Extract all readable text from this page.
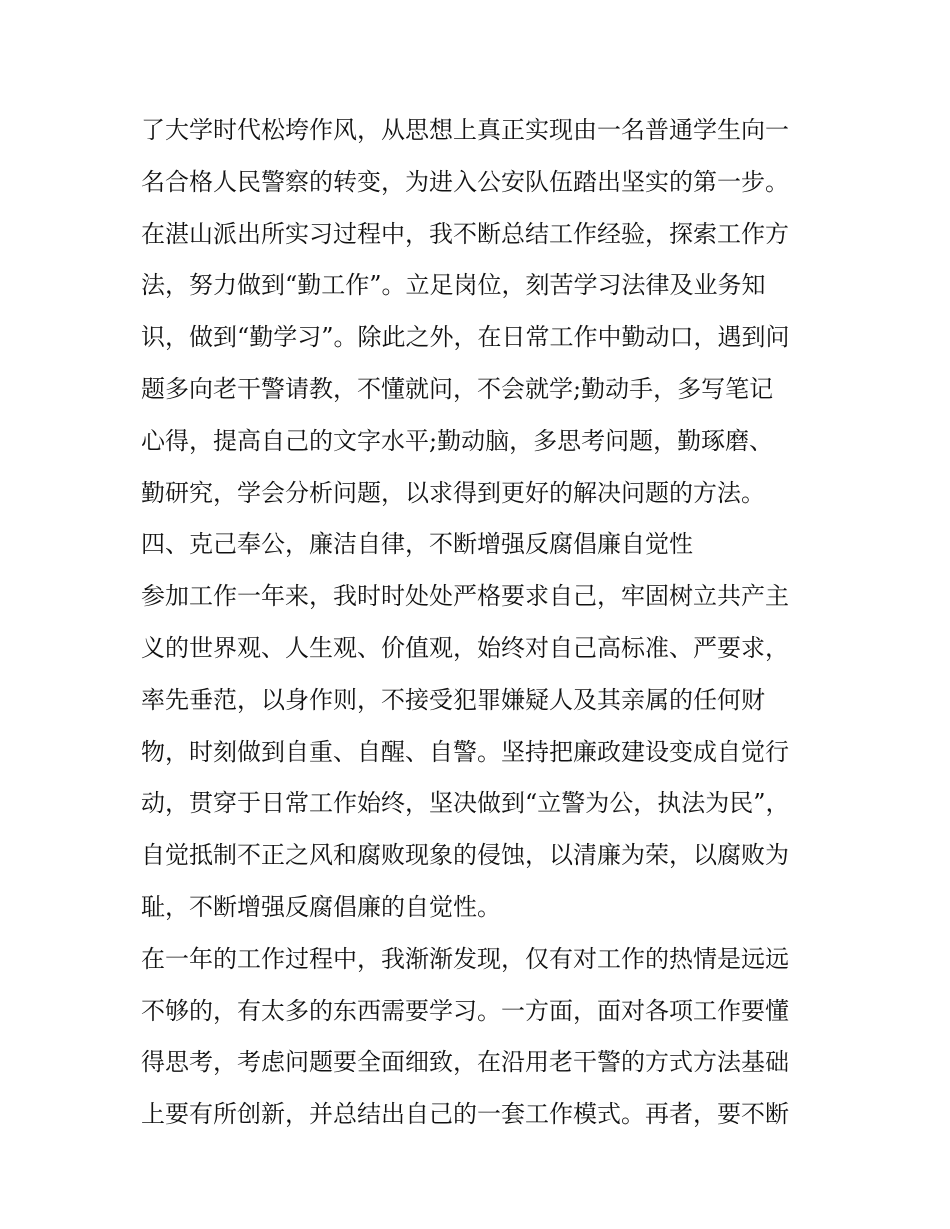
了大学时代松垮作风，从思想上真正实现由一名普通学生向一
名合格人民警察的转变，为进入公安队伍踏出坚实的第一步。
在湛山派出所实习过程中，我不断总结工作经验，探索工作方
法，努力做到“勤工作”。立足岗位，刻苦学习法律及业务知
识，做到“勤学习”。除此之外，在日常工作中勤动口，遇到问
题多向老干警请教，不懂就问，不会就学;勤动手，多写笔记
心得，提高自己的文字水平;勤动脑，多思考问题，勤琢磨、
勤研究，学会分析问题，以求得到更好的解决问题的方法。
四、克己奉公，廉洁自律，不断增强反腐倡廉自觉性
参加工作一年来，我时时处处严格要求自己，牢固树立共产主
义的世界观、人生观、价值观，始终对自己高标准、严要求，
率先垂范，以身作则，不接受犯罪嫌疑人及其亲属的任何财
物，时刻做到自重、自醒、自警。坚持把廉政建设变成自觉行
动，贯穿于日常工作始终，坚决做到“立警为公，执法为民”，
自觉抵制不正之风和腐败现象的侵蚀，以清廉为荣，以腐败为
耻，不断增强反腐倡廉的自觉性。
在一年的工作过程中，我渐渐发现，仅有对工作的热情是远远
不够的，有太多的东西需要学习。一方面，面对各项工作要懂
得思考，考虑问题要全面细致，在沿用老干警的方式方法基础
上要有所创新，并总结出自己的一套工作模式。再者，要不断
